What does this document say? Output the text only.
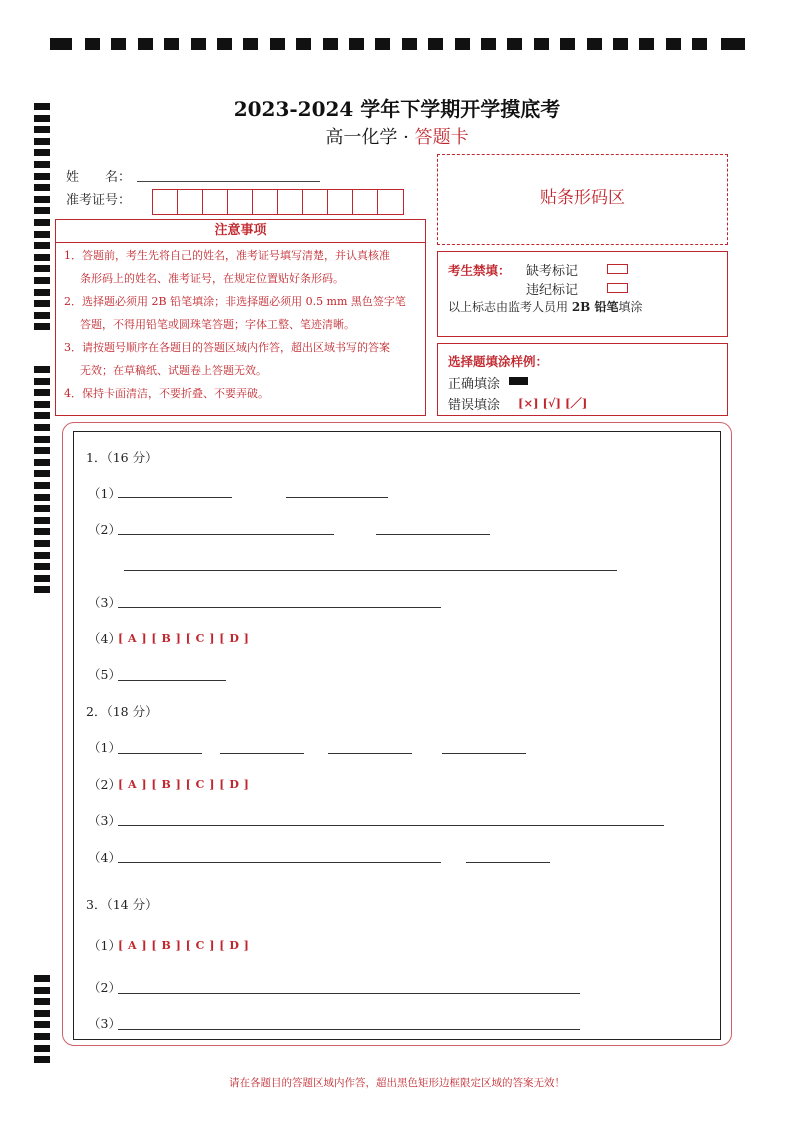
2023-2024 学年下学期开学摸底考
高一化学 · 答题卡
姓　　名：
准考证号：	贴条形码区
注意事项
1．答题前，考生先将自己的姓名，准考证号填写清楚，并认真核准
条形码上的姓名、准考证号，在规定位置贴好条形码。
2．选择题必须用 2B 铅笔填涂；非选择题必须用 0.5 mm 黑色签字笔
答题，不得用铅笔或圆珠笔答题；字体工整、笔迹清晰。
3．请按题号顺序在各题目的答题区域内作答，超出区域书写的答案
无效；在草稿纸、试题卷上答题无效。
4．保持卡面清洁，不要折叠、不要弄破。
考生禁填： 缺考标记
违纪标记
以上标志由监考人员用 2B 铅笔填涂
选择题填涂样例：
正确填涂
错误填涂 [×] [√] [／]
1．（16 分）
（1）
（2）
（3）
（4）
[ A ] [ B ] [ C ] [ D ]
（5）
2．（18 分）
（1）
（2）
[ A ] [ B ] [ C ] [ D ]
（3）
（4）
3．（14 分）
（1）
[ A ] [ B ] [ C ] [ D ]
（2）
（3）
请在各题目的答题区域内作答，超出黑色矩形边框限定区域的答案无效！
